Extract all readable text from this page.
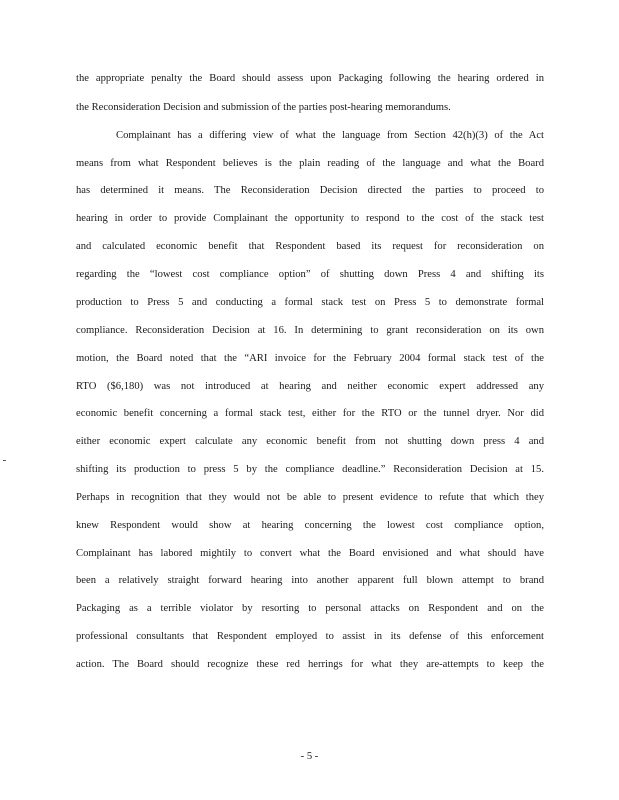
the appropriate penalty the Board should assess upon Packaging following the hearing ordered in

the Reconsideration Decision and submission of the parties post-hearing memorandums.

Complainant has a differing view of what the language from Section 42(h)(3) of the Act

means from what Respondent believes is the plain reading of the language and what the Board

has determined it means. The Reconsideration Decision directed the parties to proceed to

hearing in order to provide Complainant the opportunity to respond to the cost of the stack test

and calculated economic benefit that Respondent based its request for reconsideration on

regarding the “lowest cost compliance option” of shutting down Press 4 and shifting its

production to Press 5 and conducting a formal stack test on Press 5 to demonstrate formal

compliance. Reconsideration Decision at 16. In determining to grant reconsideration on its own

motion, the Board noted that the “ARI invoice for the February 2004 formal stack test of the

RTO ($6,180) was not introduced at hearing and neither economic expert addressed any

economic benefit concerning a formal stack test, either for the RTO or the tunnel dryer. Nor did

either economic expert calculate any economic benefit from not shutting down press 4 and

shifting its production to press 5 by the compliance deadline.” Reconsideration Decision at 15.

Perhaps in recognition that they would not be able to present evidence to refute that which they

knew Respondent would show at hearing concerning the lowest cost compliance option,

Complainant has labored mightily to convert what the Board envisioned and what should have

been a relatively straight forward hearing into another apparent full blown attempt to brand

Packaging as a terrible violator by resorting to personal attacks on Respondent and on the

professional consultants that Respondent employed to assist in its defense of this enforcement

action. The Board should recognize these red herrings for what they are-attempts to keep the

- 5 -
